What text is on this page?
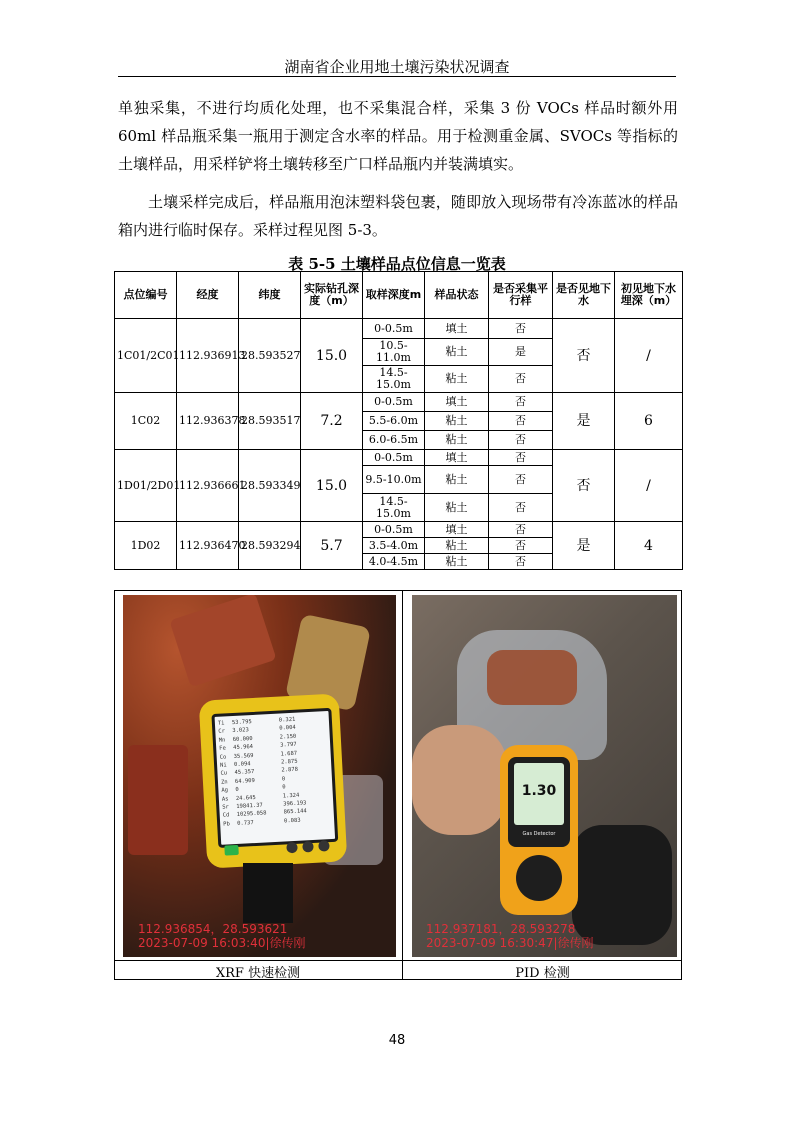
湖南省企业用地土壤污染状况调查
单独采集，不进行均质化处理，也不采集混合样，采集 3 份 VOCs 样品时额外用 60ml 样品瓶采集一瓶用于测定含水率的样品。用于检测重金属、SVOCs 等指标的土壤样品，用采样铲将土壤转移至广口样品瓶内并装满填实。
土壤采样完成后，样品瓶用泡沫塑料袋包裹，随即放入现场带有冷冻蓝冰的样品箱内进行临时保存。采样过程见图 5-3。
表 5-5 土壤样品点位信息一览表
点位编号	经度	纬度	实际钻孔深度（m）	取样深度m	样品状态	是否采集平行样	是否见地下水	初见地下水埋深（m）
1C01/2C01	112.936913	28.593527	15.0	0-0.5m	填土	否	否	/
				10.5-11.0m	粘土	是		
				14.5-15.0m	粘土	否		
1C02	112.936378	28.593517	7.2	0-0.5m	填土	否	是	6
				5.5-6.0m	粘土	否		
				6.0-6.5m	粘土	否		
1D01/2D01	112.936661	28.593349	15.0	0-0.5m	填土	否	否	/
				9.5-10.0m	粘土	否		
				14.5-15.0m	粘土	否		
1D02	112.936470	28.593294	5.7	0-0.5m	填土	否	是	4
				3.5-4.0m	粘土	否		
				4.0-4.5m	粘土	否		
Ti	53.795	0.321
Cr	3.023	0.004
Mn	60.000	2.150
Fe	45.964	3.797
Co	35.569	1.687
Ni	0.094	2.875
Cu	45.357	2.878
Zn	64.909	0
Ag	0	0
As	24.645	1.324
Sr	19841.37	396.193
Cd	10295.058	865.144
Pb	0.737	0.083
112.936854，28.593621
2023-07-09 16:03:40|徐传刚
1.30
Gas Detector
112.937181，28.593278
2023-07-09 16:30:47|徐传刚
XRF 快速检测	PID 检测
48
